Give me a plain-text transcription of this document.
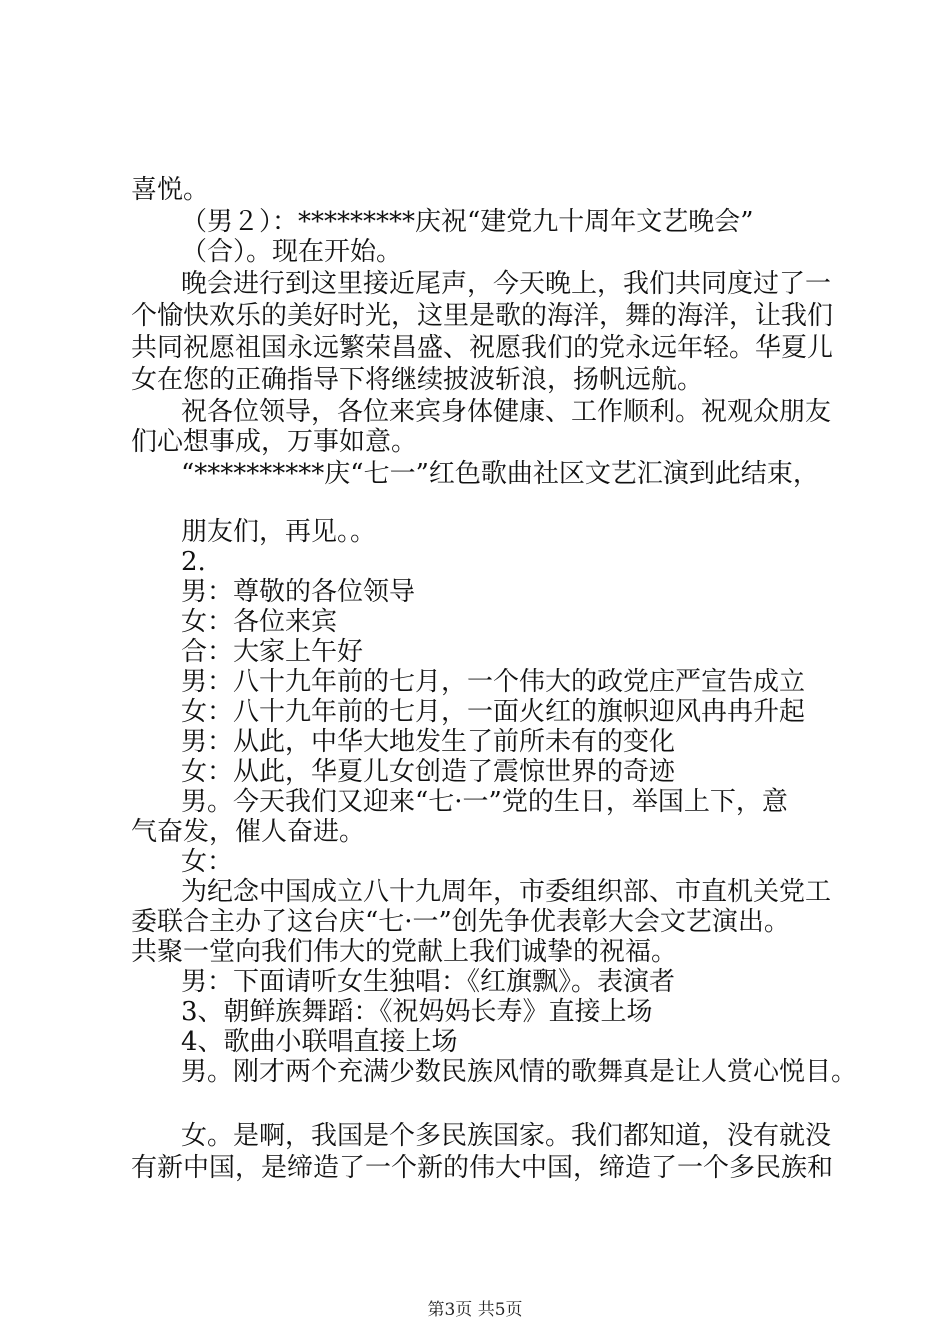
喜悦。
（男２）：*********庆祝“建党九十周年文艺晚会”
（合）。现在开始。
晚会进行到这里接近尾声，今天晚上，我们共同度过了一
个愉快欢乐的美好时光，这里是歌的海洋，舞的海洋，让我们
共同祝愿祖国永远繁荣昌盛、祝愿我们的党永远年轻。华夏儿
女在您的正确指导下将继续披波斩浪，扬帆远航。
祝各位领导，各位来宾身体健康、工作顺利。祝观众朋友
们心想事成，万事如意。
“**********庆“七一”红色歌曲社区文艺汇演到此结束，
朋友们，再见。。
2.
男：尊敬的各位领导
女：各位来宾
合：大家上午好
男：八十九年前的七月，一个伟大的政党庄严宣告成立
女：八十九年前的七月，一面火红的旗帜迎风冉冉升起
男：从此，中华大地发生了前所未有的变化
女：从此，华夏儿女创造了震惊世界的奇迹
男。今天我们又迎来“七·一”党的生日，举国上下，意
气奋发，催人奋进。
女：
为纪念中国成立八十九周年，市委组织部、市直机关党工
委联合主办了这台庆“七·一”创先争优表彰大会文艺演出。
共聚一堂向我们伟大的党献上我们诚挚的祝福。
男：下面请听女生独唱：《红旗飘》。表演者
3、朝鲜族舞蹈：《祝妈妈长寿》直接上场
4、歌曲小联唱直接上场
男。刚才两个充满少数民族风情的歌舞真是让人赏心悦目。
女。是啊，我国是个多民族国家。我们都知道，没有就没
有新中国，是缔造了一个新的伟大中国，缔造了一个多民族和
第3页 共5页
